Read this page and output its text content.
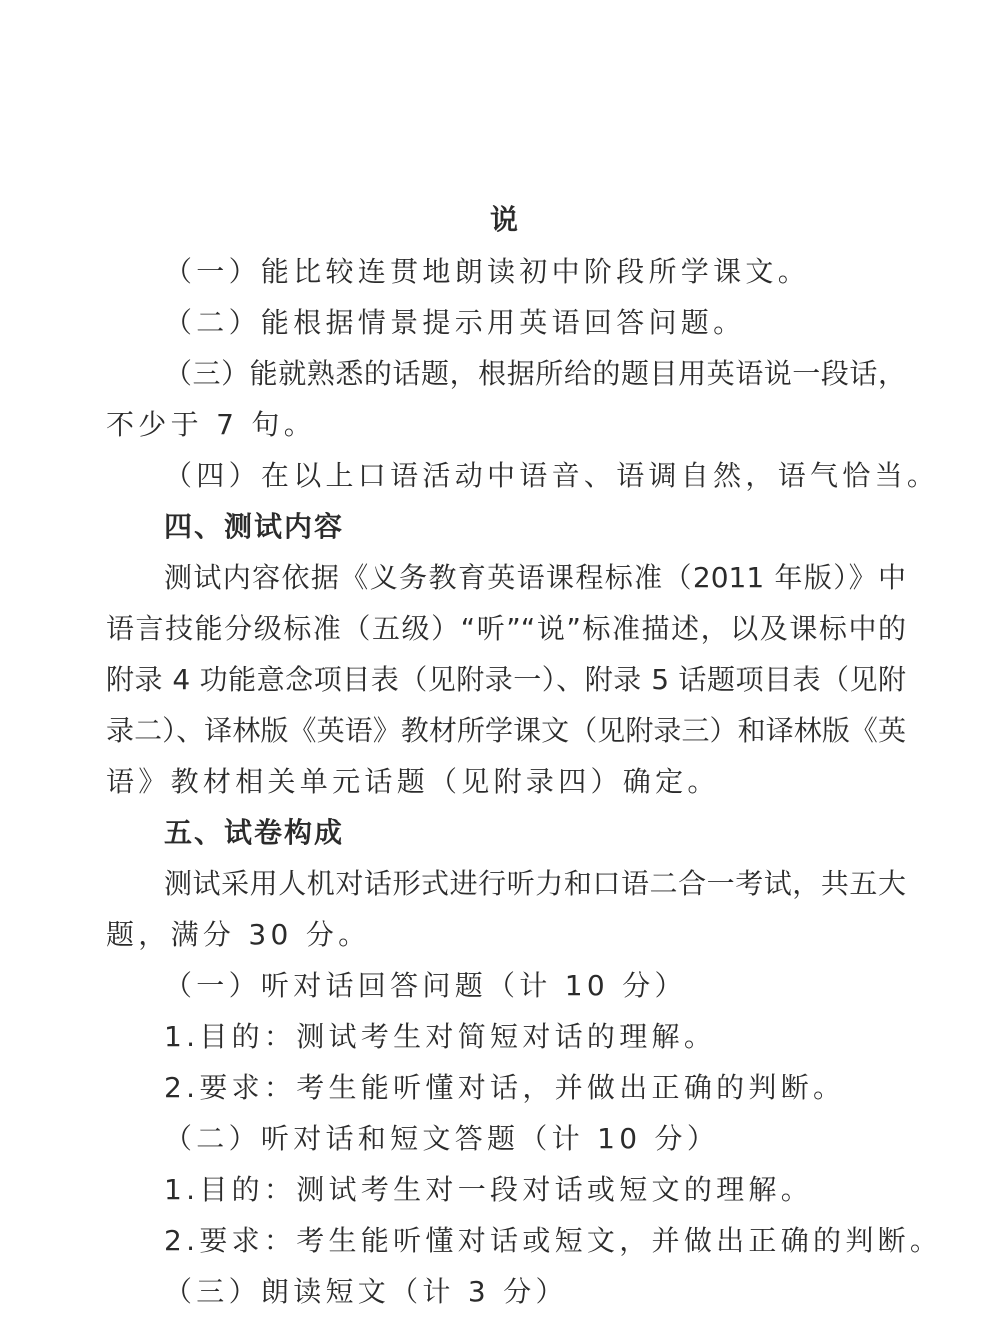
说
（一）能比较连贯地朗读初中阶段所学课文。
（二）能根据情景提示用英语回答问题。
（三）能就熟悉的话题，根据所给的题目用英语说一段话，
不少于 7 句。
（四）在以上口语活动中语音、语调自然，语气恰当。
四、测试内容
测试内容依据《义务教育英语课程标准（2011 年版）》中
语言技能分级标准（五级）“听”“说”标准描述，以及课标中的
附录 4 功能意念项目表（见附录一）、附录 5 话题项目表（见附
录二）、译林版《英语》教材所学课文（见附录三）和译林版《英
语》教材相关单元话题（见附录四）确定。
五、试卷构成
测试采用人机对话形式进行听力和口语二合一考试，共五大
题，满分 30 分。
（一）听对话回答问题（计 10 分）
1.目的：测试考生对简短对话的理解。
2.要求：考生能听懂对话，并做出正确的判断。
（二）听对话和短文答题（计 10 分）
1.目的：测试考生对一段对话或短文的理解。
2.要求：考生能听懂对话或短文，并做出正确的判断。
（三）朗读短文（计 3 分）
